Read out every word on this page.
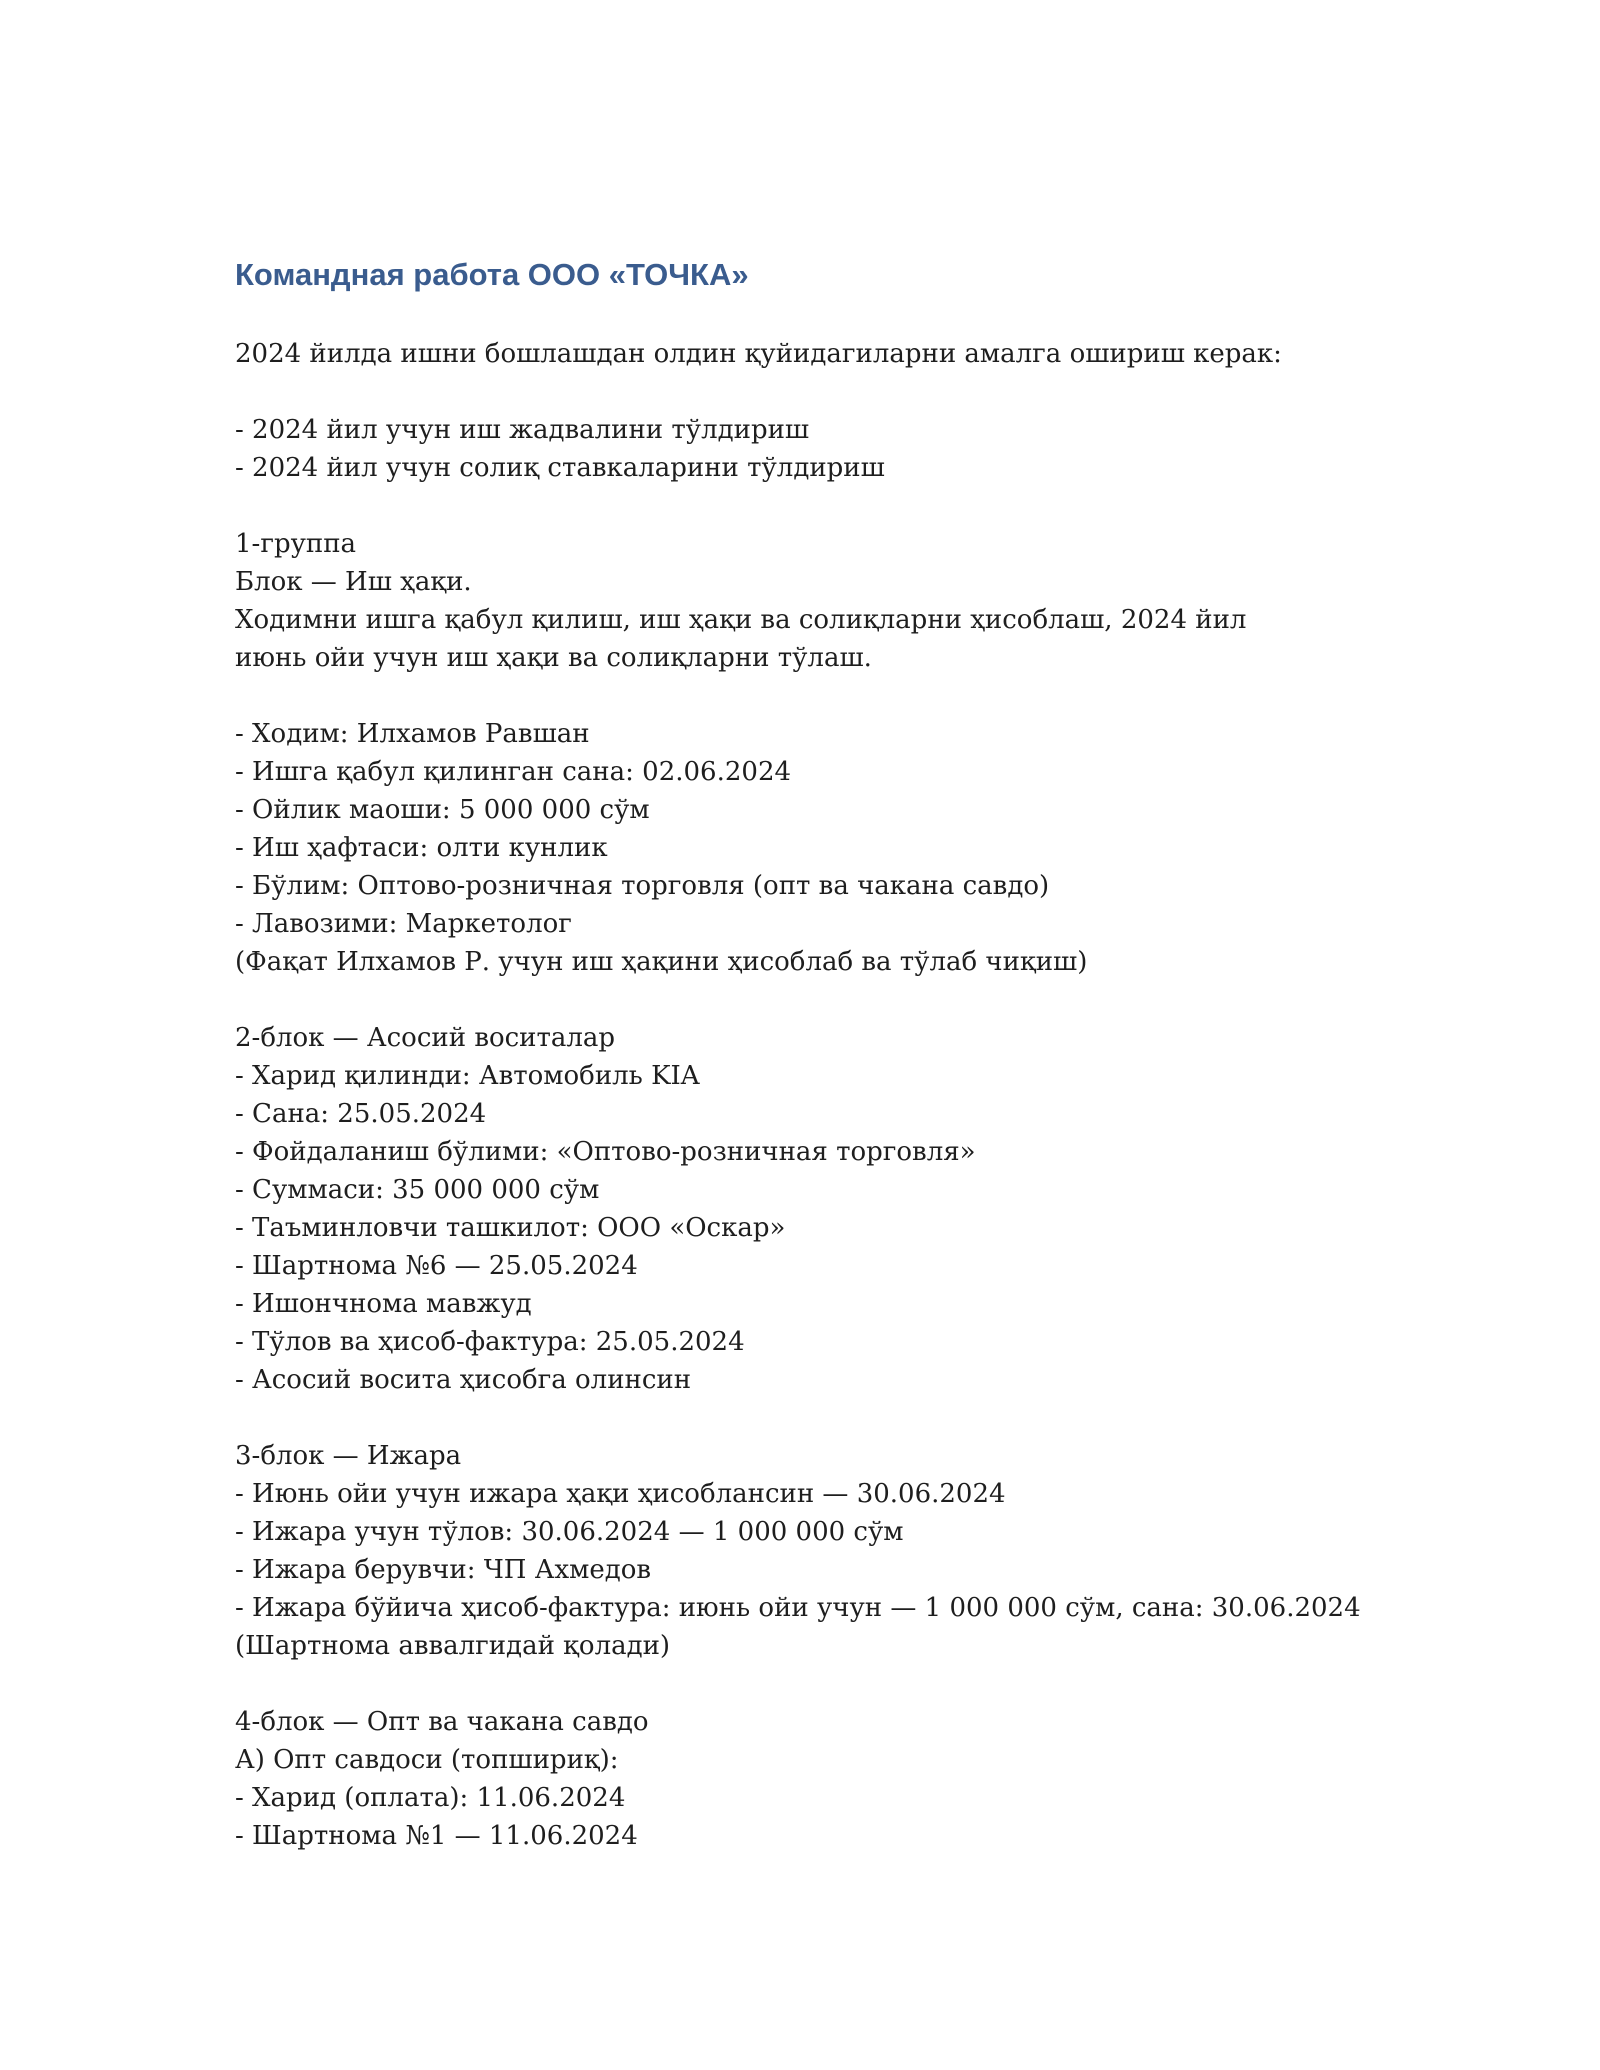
Командная работа ООО «ТОЧКА»
2024 йилда ишни бошлашдан олдин қуйидагиларни амалга ошириш керак:
- 2024 йил учун иш жадвалини тўлдириш
- 2024 йил учун солиқ ставкаларини тўлдириш
1-группа
Блок — Иш ҳақи.
Ходимни ишга қабул қилиш, иш ҳақи ва солиқларни ҳисоблаш, 2024 йил
июнь ойи учун иш ҳақи ва солиқларни тўлаш.
- Ходим: Илхамов Равшан
- Ишга қабул қилинган сана: 02.06.2024
- Ойлик маоши: 5 000 000 сўм
- Иш ҳафтаси: олти кунлик
- Бўлим: Оптово-розничная торговля (опт ва чакана савдо)
- Лавозими: Маркетолог
(Фақат Илхамов Р. учун иш ҳақини ҳисоблаб ва тўлаб чиқиш)
2-блок — Асосий воситалар
- Харид қилинди: Автомобиль KIA
- Сана: 25.05.2024
- Фойдаланиш бўлими: «Оптово-розничная торговля»
- Суммаси: 35 000 000 сўм
- Таъминловчи ташкилот: ООО «Оскар»
- Шартнома №6 — 25.05.2024
- Ишончнома мавжуд
- Тўлов ва ҳисоб-фактура: 25.05.2024
- Асосий восита ҳисобга олинсин
3-блок — Ижара
- Июнь ойи учун ижара ҳақи ҳисоблансин — 30.06.2024
- Ижара учун тўлов: 30.06.2024 — 1 000 000 сўм
- Ижара берувчи: ЧП Ахмедов
- Ижара бўйича ҳисоб-фактура: июнь ойи учун — 1 000 000 сўм, сана: 30.06.2024
(Шартнома аввалгидай қолади)
4-блок — Опт ва чакана савдо
А) Опт савдоси (топшириқ):
- Харид (оплата): 11.06.2024
- Шартнома №1 — 11.06.2024
